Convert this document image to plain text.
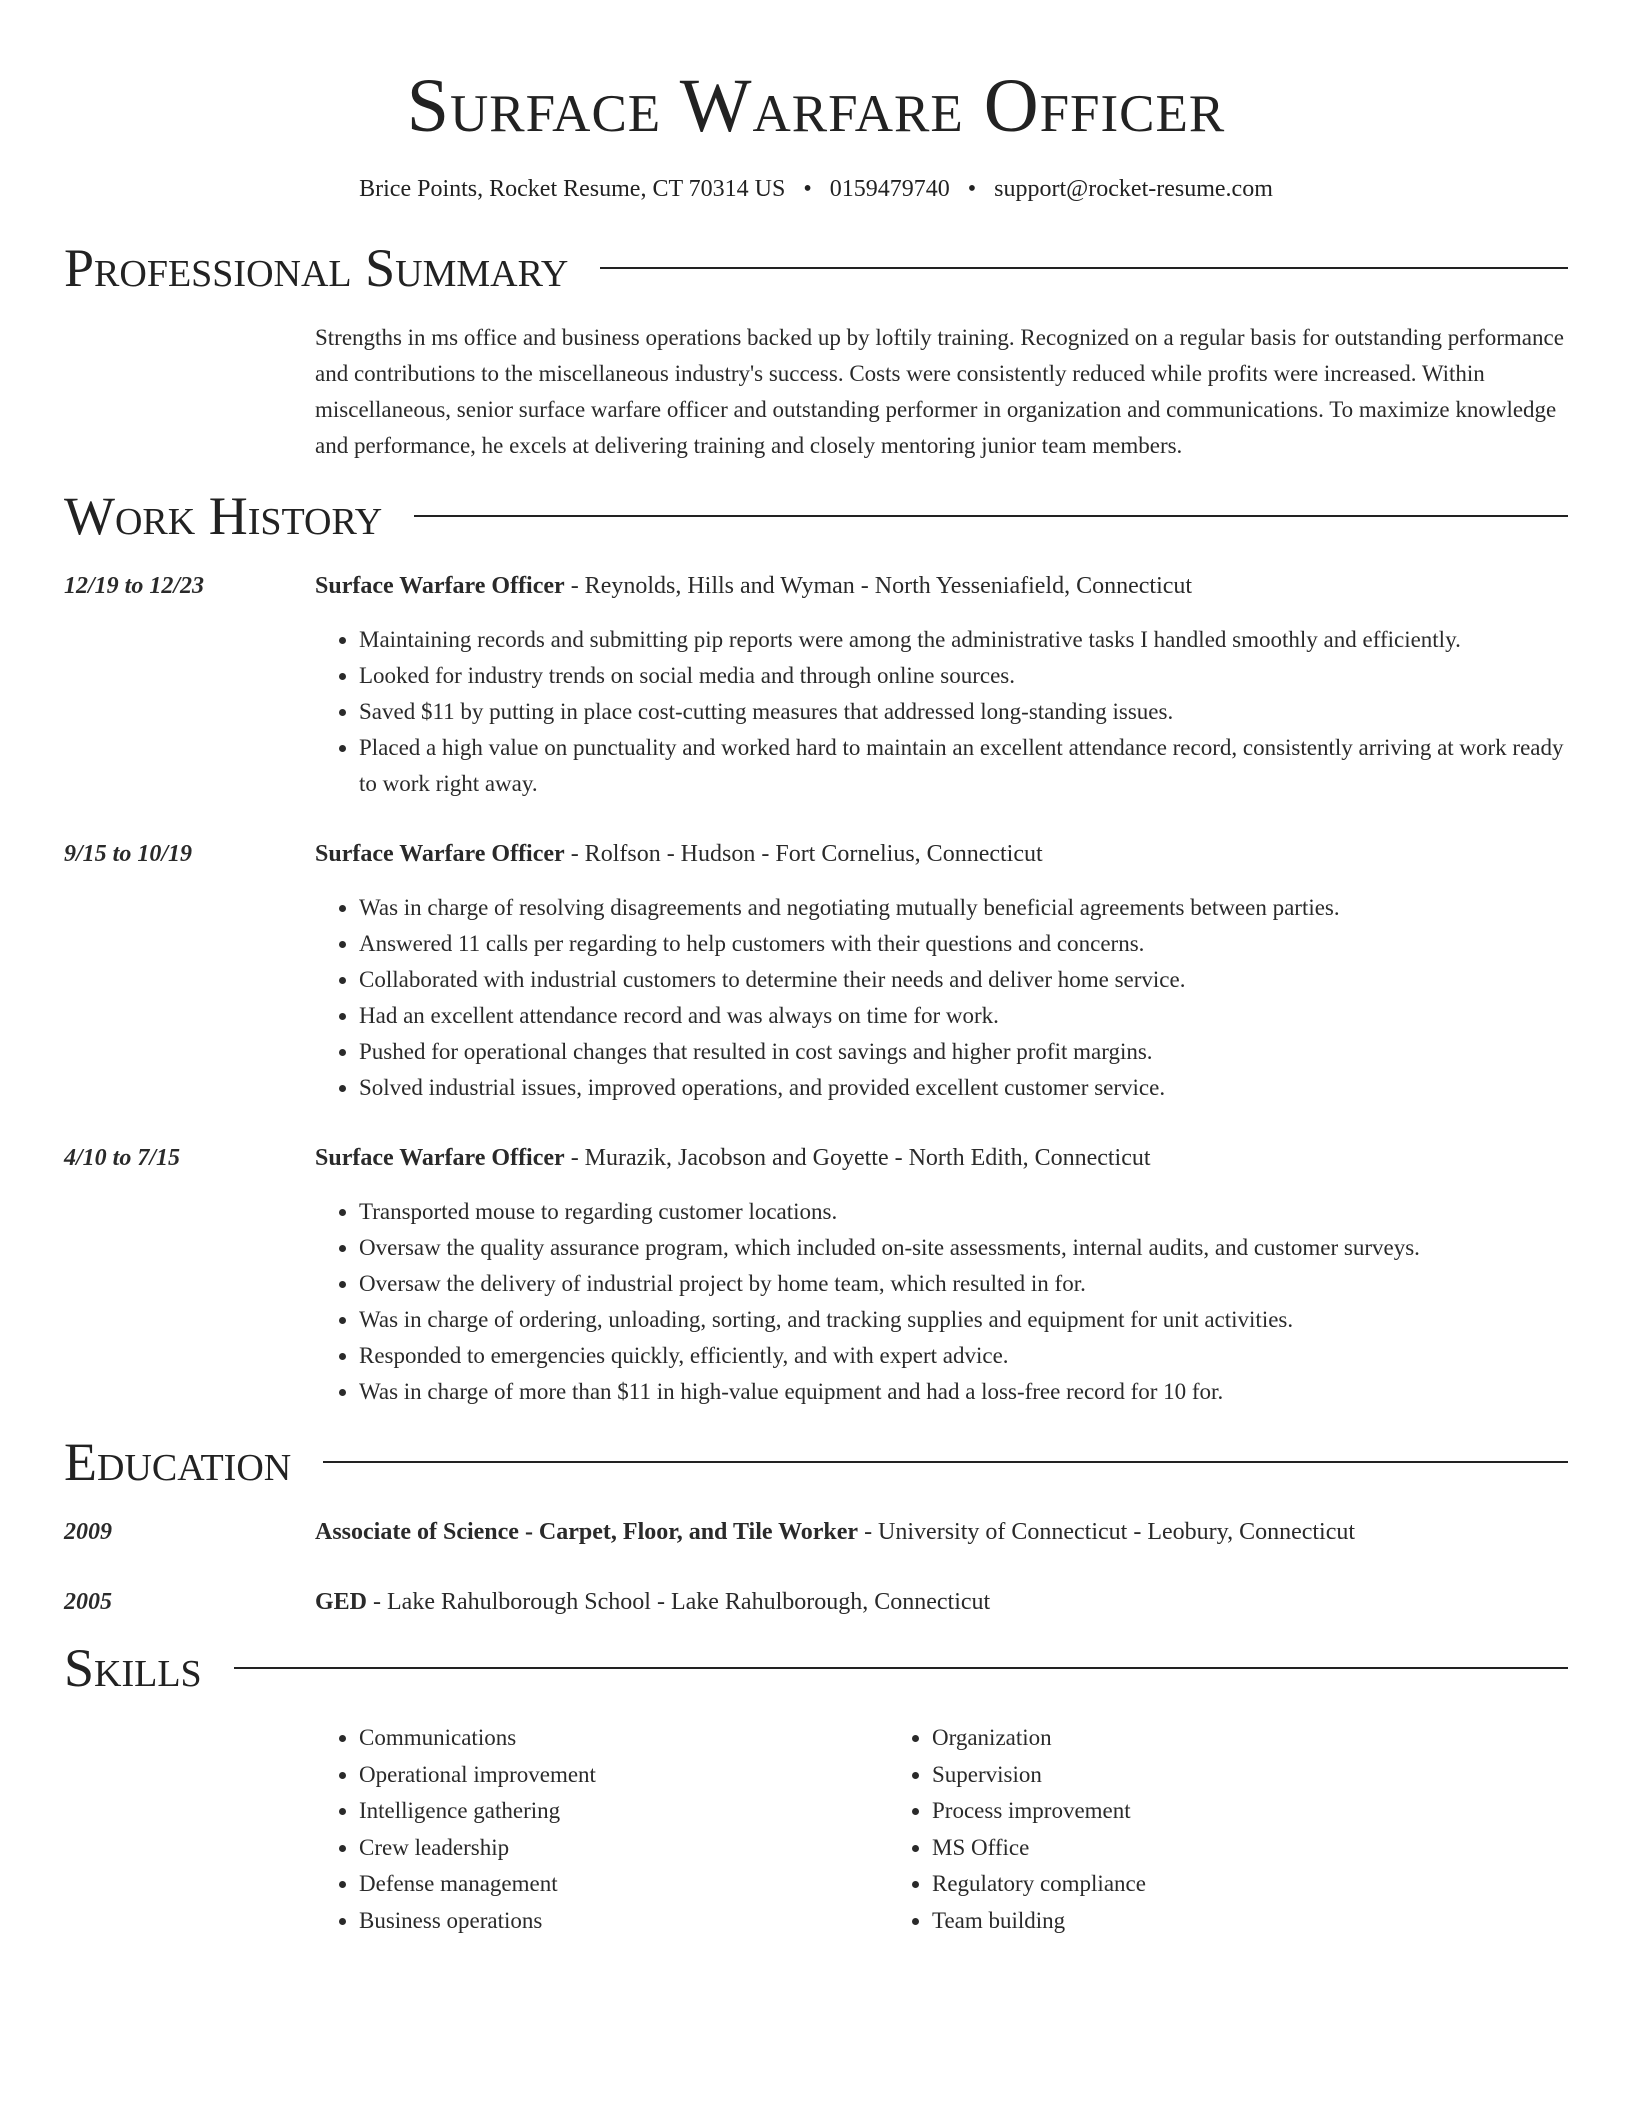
Surface Warfare Officer
Brice Points, Rocket Resume, CT 70314 US • 0159479740 • support@rocket-resume.com
Professional Summary
Strengths in ms office and business operations backed up by loftily training. Recognized on a regular basis for outstanding performance and contributions to the miscellaneous industry's success. Costs were consistently reduced while profits were increased. Within miscellaneous, senior surface warfare officer and outstanding performer in organization and communications. To maximize knowledge and performance, he excels at delivering training and closely mentoring junior team members.
Work History
12/19 to 12/23	Surface Warfare Officer - Reynolds, Hills and Wyman - North Yesseniafield, Connecticut
• Maintaining records and submitting pip reports were among the administrative tasks I handled smoothly and efficiently.
• Looked for industry trends on social media and through online sources.
• Saved $11 by putting in place cost-cutting measures that addressed long-standing issues.
• Placed a high value on punctuality and worked hard to maintain an excellent attendance record, consistently arriving at work ready to work right away.
9/15 to 10/19	Surface Warfare Officer - Rolfson - Hudson - Fort Cornelius, Connecticut
• Was in charge of resolving disagreements and negotiating mutually beneficial agreements between parties.
• Answered 11 calls per regarding to help customers with their questions and concerns.
• Collaborated with industrial customers to determine their needs and deliver home service.
• Had an excellent attendance record and was always on time for work.
• Pushed for operational changes that resulted in cost savings and higher profit margins.
• Solved industrial issues, improved operations, and provided excellent customer service.
4/10 to 7/15	Surface Warfare Officer - Murazik, Jacobson and Goyette - North Edith, Connecticut
• Transported mouse to regarding customer locations.
• Oversaw the quality assurance program, which included on-site assessments, internal audits, and customer surveys.
• Oversaw the delivery of industrial project by home team, which resulted in for.
• Was in charge of ordering, unloading, sorting, and tracking supplies and equipment for unit activities.
• Responded to emergencies quickly, efficiently, and with expert advice.
• Was in charge of more than $11 in high-value equipment and had a loss-free record for 10 for.
Education
2009	Associate of Science - Carpet, Floor, and Tile Worker - University of Connecticut - Leobury, Connecticut
2005	GED - Lake Rahulborough School - Lake Rahulborough, Connecticut
Skills
• Communications
• Operational improvement
• Intelligence gathering
• Crew leadership
• Defense management
• Business operations
• Organization
• Supervision
• Process improvement
• MS Office
• Regulatory compliance
• Team building
